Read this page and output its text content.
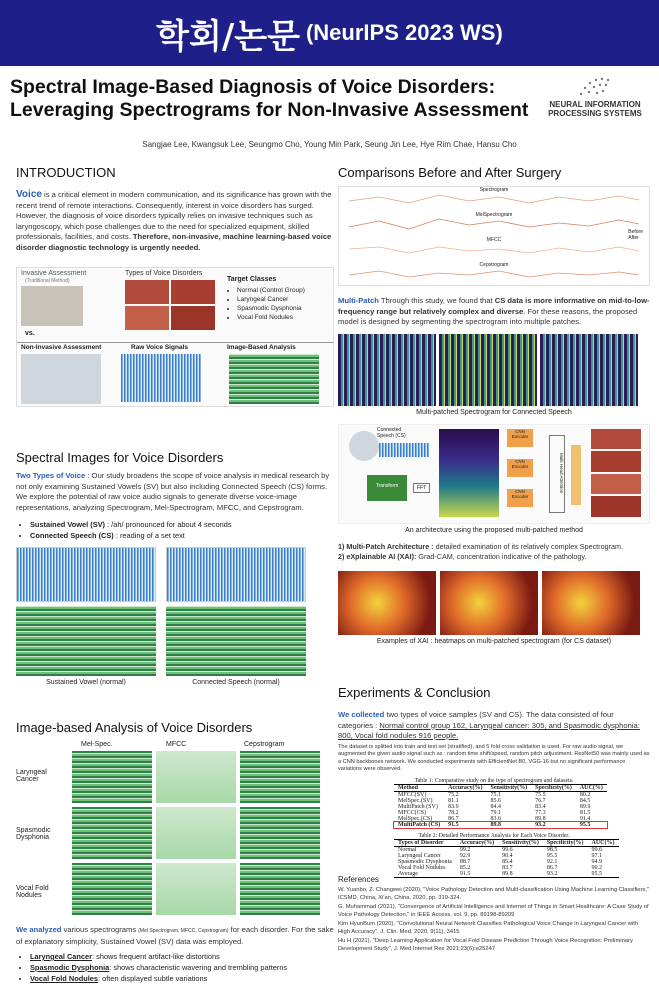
학회/논문 (NeurIPS 2023 WS)
Spectral Image-Based Diagnosis of Voice Disorders:
Leveraging Spectrograms for Non-Invasive Assessment	NEURAL INFORMATION
PROCESSING SYSTEMS
Sangjae Lee, Kwangsuk Lee, Seungmo Cho, Young Min Park, Seung Jin Lee, Hye Rim Chae, Hansu Cho
INTRODUCTION
Voice is a critical element in modern communication, and its significance has grown with the recent trend of remote interactions. Consequently, interest in voice disorders has surged. However, the diagnosis of voice disorders typically relies on invasive techniques such as laryngoscopy, which pose challenges due to the need for specialized equipment, skilled professionals, facilities, and costs. Therefore, non-invasive, machine learning-based voice disorder diagnostic technology is urgently needed.
Invasive Assessment
(Traditional Method)
Types of Voice Disorders
Target Classes
• Normal (Control Group)
• Laryngeal Cancer
• Spasmodic Dysphonia
• Vocal Fold Nodules
vs.
Non-Invasive Assessment	Raw Voice Signals	Image-Based Analysis
Spectral Images for Voice Disorders
Two Types of Voice : Our study broadens the scope of voice analysis in medical research by not only examining Sustained Vowels (SV) but also including Connected Speech (CS) forms. We explore the potential of raw voice audio signals to generate diverse voice-image representations, analyzing Spectrogram, Mel-Spectrogram, MFCC, and Cepstrogram.
• Sustained Vowel (SV) : /ah/ pronounced for about 4 seconds
• Connected Speech (CS) : reading of a set text
Sustained Vowel (normal)	Connected Speech (normal)
Image-based Analysis of Voice Disorders
Mel-Spec.	MFCC	Cepstrogram
Laryngeal Cancer
Spasmodic Dysphonia
Vocal Fold Nodules
We analyzed various spectrograms (Mel Spectrogram, MFCC, Cepstrogram) for each disorder. For the sake of explanatory simplicity, Sustained Vowel (SV) data was employed.
• Laryngeal Cancer: shows frequent artifact-like distortions
• Spasmodic Dysphonia: shows characteristic wavering and trembling patterns
• Vocal Fold Nodules: often displayed subtle variations
Comparisons Before and After Surgery
Spectrogram
MelSpectrogram
MFCC
Cepstrogram
Before
After
Multi-Patch Through this study, we found that CS data is more informative on mid-to-low-frequency range but relatively complex and diverse. For these reasons, the proposed model is designed by segmenting the spectrogram into multiple patches.
Multi-patched Spectrogram for Connected Speech
Connected Speech (CS)
Transform	FFT
CNN Encoder
CNN Encoder
CNN Encoder
Multi Head Attention
An architecture using the proposed multi-patched method
1) Multi-Patch Architecture : detailed examination of its relatively complex Spectrogram.
2) eXplainable AI (XAI): Grad-CAM, concentration indicative of the pathology.
Examples of XAI : heatmaps on multi-patched spectrogram (for CS dataset)
Experiments & Conclusion
We collected two types of voice samples (SV and CS). The data consisted of four categories : Normal control group 162, Laryngeal cancer: 305, and Spasmodic dysphonia: 800, Vocal fold nodules 916 people.
The dataset is splitted into train and test set (stratified), and 5 fold cross validation is used. For raw audio signal, we augmented the given audio signal such as : random time shift/speed, random pitch adjustment. ResNet50 was mainly used as a CNN backbones network. We conducted experiments with EfficientNet B0, VGG-16 but no significant performance variations were observed.
Table 1: Comparative study on the type of spectrogram and datasets.
Method	Accuracy(%)	Sensitivity(%)	Specificity(%)	AUC(%)
MFCC(SV)	75.2	75.1	75.5	80.2
MelSpec.(SV)	81.1	85.6	76.7	84.5
MultiPatch (SV)	83.9	84.4	83.4	89.9
MFCC(CS)	78.2	79.1	77.3	81.5
MelSpec.(CS)	86.7	83.6	89.8	91.4
MultiPatch (CS)	91.5	89.8	93.2	95.5
Table 2: Detailed Performance Analysis for Each Voice Disorder.
Types of Disorder	Accuracy(%)	Sensitivity(%)	Specificity(%)	AUC(%)
Normal	99.2	99.6	98.5	99.6
Laryngeal Cancer	92.9	90.4	95.5	97.1
Spasmodic Dysphonia	88.7	85.4	92.1	94.9
Vocal Fold Nodules	85.2	83.7	86.7	90.2
Average	91.5	89.8	93.2	95.5
References
W. Yuanbo, Z. Changwei (2020), "Voice Pathology Detection and Multi-classification Using Machine Learning Classifiers," ICSMD, China, Xi'an, China, 2020, pp. 319-324.
G. Muhammad (2021), "Convergence of Artificial Intelligence and Internet of Things in Smart Healthcare: A Case Study of Voice Pathology Detection," in IEEE Access, vol. 9, pp. 89198-89209
Kim HyunBum (2020), "Convolutional Neural Network Classifies Pathological Voice Change in Laryngeal Cancer with High Accuracy", J. Clin. Med. 2020, 9(11), 3415
Hu H (2021), "Deep Learning Application for Vocal Fold Disease Prediction Through Voice Recognition: Preliminary Development Study", J. Med Internet Res 2021;23(6):e25247
